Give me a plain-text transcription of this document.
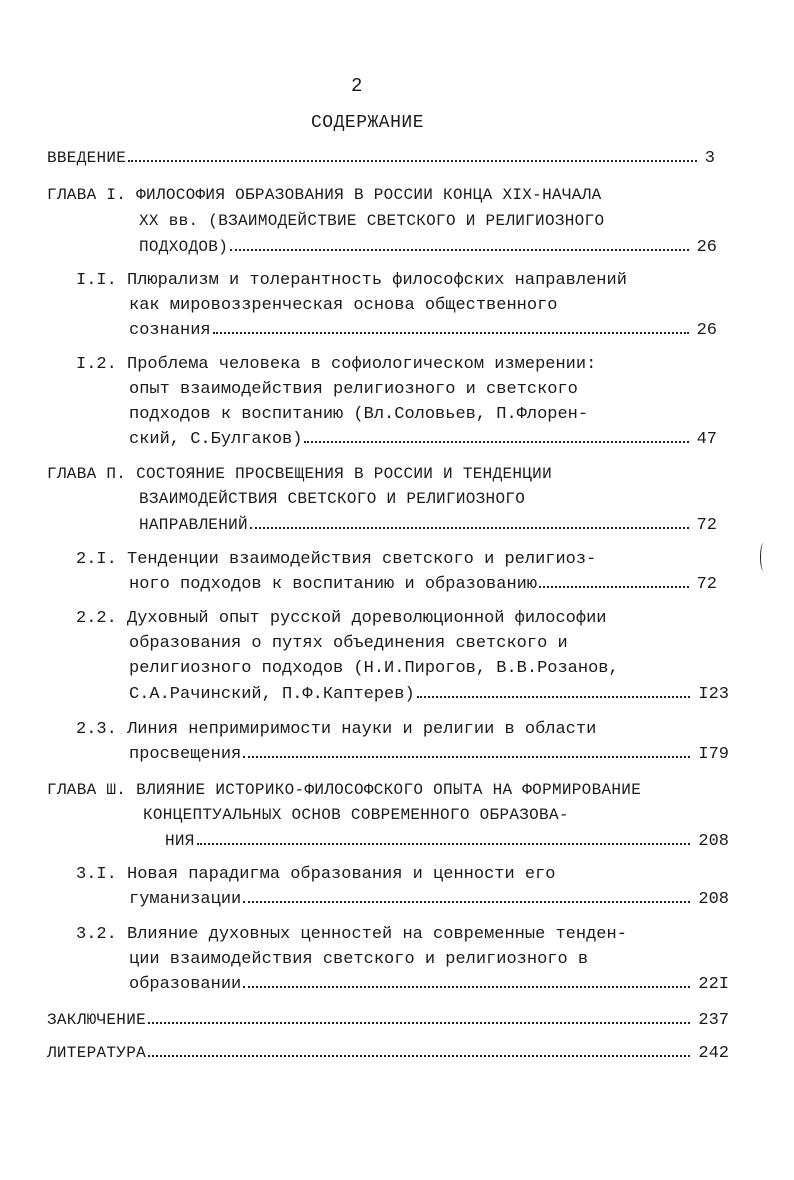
2
СОДЕРЖАНИЕ
ВВЕДЕНИЕ	3
ГЛАВА I. ФИЛОСОФИЯ ОБРАЗОВАНИЯ В РОССИИ КОНЦА XIX-НАЧАЛА
ХХ вв. (ВЗАИМОДЕЙСТВИЕ СВЕТСКОГО И РЕЛИГИОЗНОГО
ПОДХОДОВ)	26
I.I. Плюрализм и толерантность философских направлений
как мировоззренческая основа общественного
сознания	26
I.2. Проблема человека в софиологическом измерении:
опыт взаимодействия религиозного и светского
подходов к воспитанию (Вл.Соловьев, П.Флорен-
ский, С.Булгаков)	47
ГЛАВА П. СОСТОЯНИЕ ПРОСВЕЩЕНИЯ В РОССИИ И ТЕНДЕНЦИИ
ВЗАИМОДЕЙСТВИЯ СВЕТСКОГО И РЕЛИГИОЗНОГО
НАПРАВЛЕНИЙ	72
2.I. Тенденции взаимодействия светского и религиоз-
ного подходов к воспитанию и образованию	72
2.2. Духовный опыт русской дореволюционной философии
образования о путях объединения светского и
религиозного подходов (Н.И.Пирогов, В.В.Розанов,
С.А.Рачинский, П.Ф.Каптерев)	I23
2.3. Линия непримиримости науки и религии в области
просвещения	I79
ГЛАВА Ш. ВЛИЯНИЕ ИСТОРИКО-ФИЛОСОФСКОГО ОПЫТА НА ФОРМИРОВАНИЕ
КОНЦЕПТУАЛЬНЫХ ОСНОВ СОВРЕМЕННОГО ОБРАЗОВА-
НИЯ	208
3.I. Новая парадигма образования и ценности его
гуманизации	208
3.2. Влияние духовных ценностей на современные тенден-
ции взаимодействия светского и религиозного в
образовании	22I
ЗАКЛЮЧЕНИЕ	237
ЛИТЕРАТУРА	242
